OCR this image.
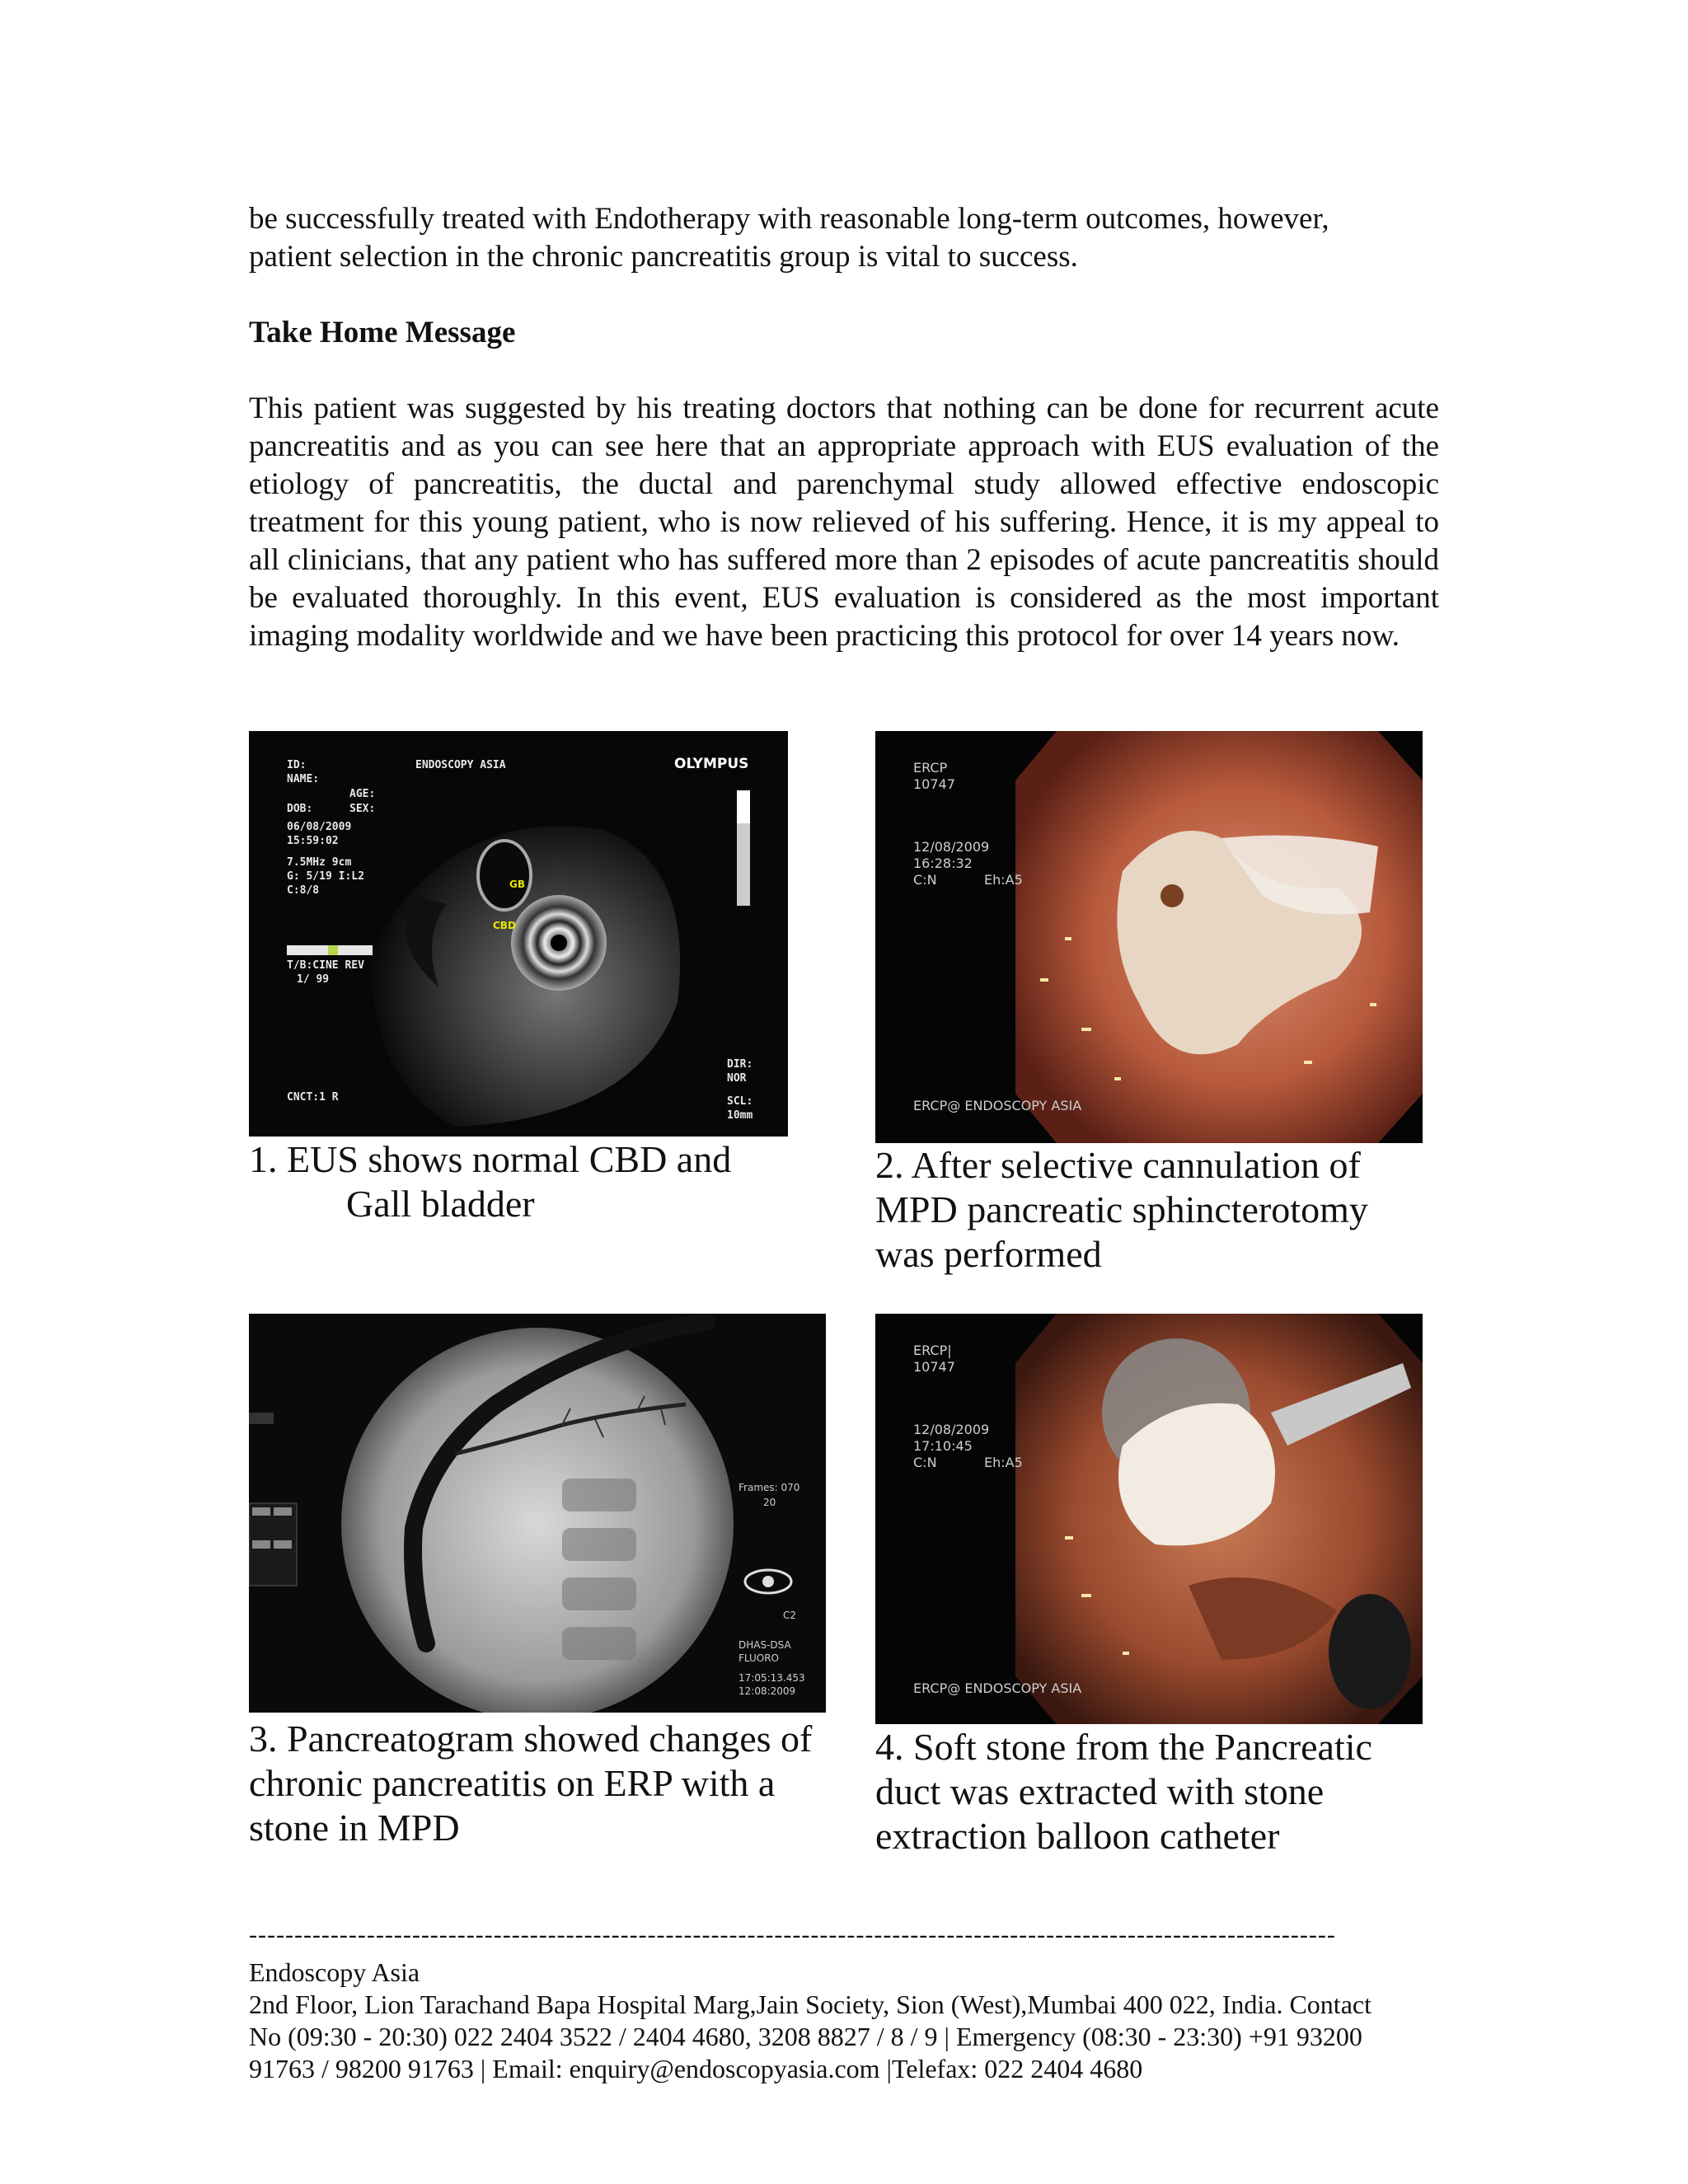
be successfully treated with Endotherapy with reasonable long-term outcomes, however,

patient selection in the chronic pancreatitis group is vital to success.

Take Home Message

This patient was suggested by his treating doctors that nothing can be done for recurrent acute pancreatitis and as you can see here that an appropriate approach with EUS evaluation of the etiology of pancreatitis, the ductal and parenchymal study allowed effective endoscopic treatment for this young patient, who is now relieved of his suffering. Hence, it is my appeal to all clinicians, that any patient who has suffered more than 2 episodes of acute pancreatitis should be evaluated thoroughly. In this event, EUS evaluation is considered as the most important imaging modality worldwide and we have been practicing this protocol for over 14 years now.

ID:
NAME:
AGE:
DOB:	SEX:
06/08/2009
15:59:02
7.5MHz 9cm
G: 5/19 I:L2
C:8/8
MEDIA
T/B:CINE REV
1/ 99
ENDOSCOPY ASIA
10mm
NOR
DIR:
SCL:
CNCT:1 R
OLYMPUS
GB
CBD
1. EUS shows normal CBD and
Gall bladder
ERCP
10747
12/08/2009
16:28:32
C:N	Eh:A5
ERCP@ ENDOSCOPY ASIA
2. After selective cannulation of
MPD pancreatic sphincterotomy
was performed
Frames: 070
20
C2
DHAS-DSA
FLUORO
17:05:13.453
12:08:2009
3. Pancreatogram showed changes of
chronic pancreatitis on ERP with a
stone in MPD
ERCP|
10747
12/08/2009
17:10:45
C:N	Eh:A5
ERCP@ ENDOSCOPY ASIA
4. Soft stone from the Pancreatic
duct was extracted with stone
extraction balloon catheter
------------------------------------------------------------------------------------------------------------------------
Endoscopy Asia
2nd Floor, Lion Tarachand Bapa Hospital Marg,Jain Society, Sion (West),Mumbai 400 022, India. Contact
No (09:30 - 20:30) 022 2404 3522 / 2404 4680, 3208 8827 / 8 / 9 | Emergency (08:30 - 23:30) +91 93200
91763 / 98200 91763 | Email: enquiry@endoscopyasia.com |Telefax: 022 2404 4680
